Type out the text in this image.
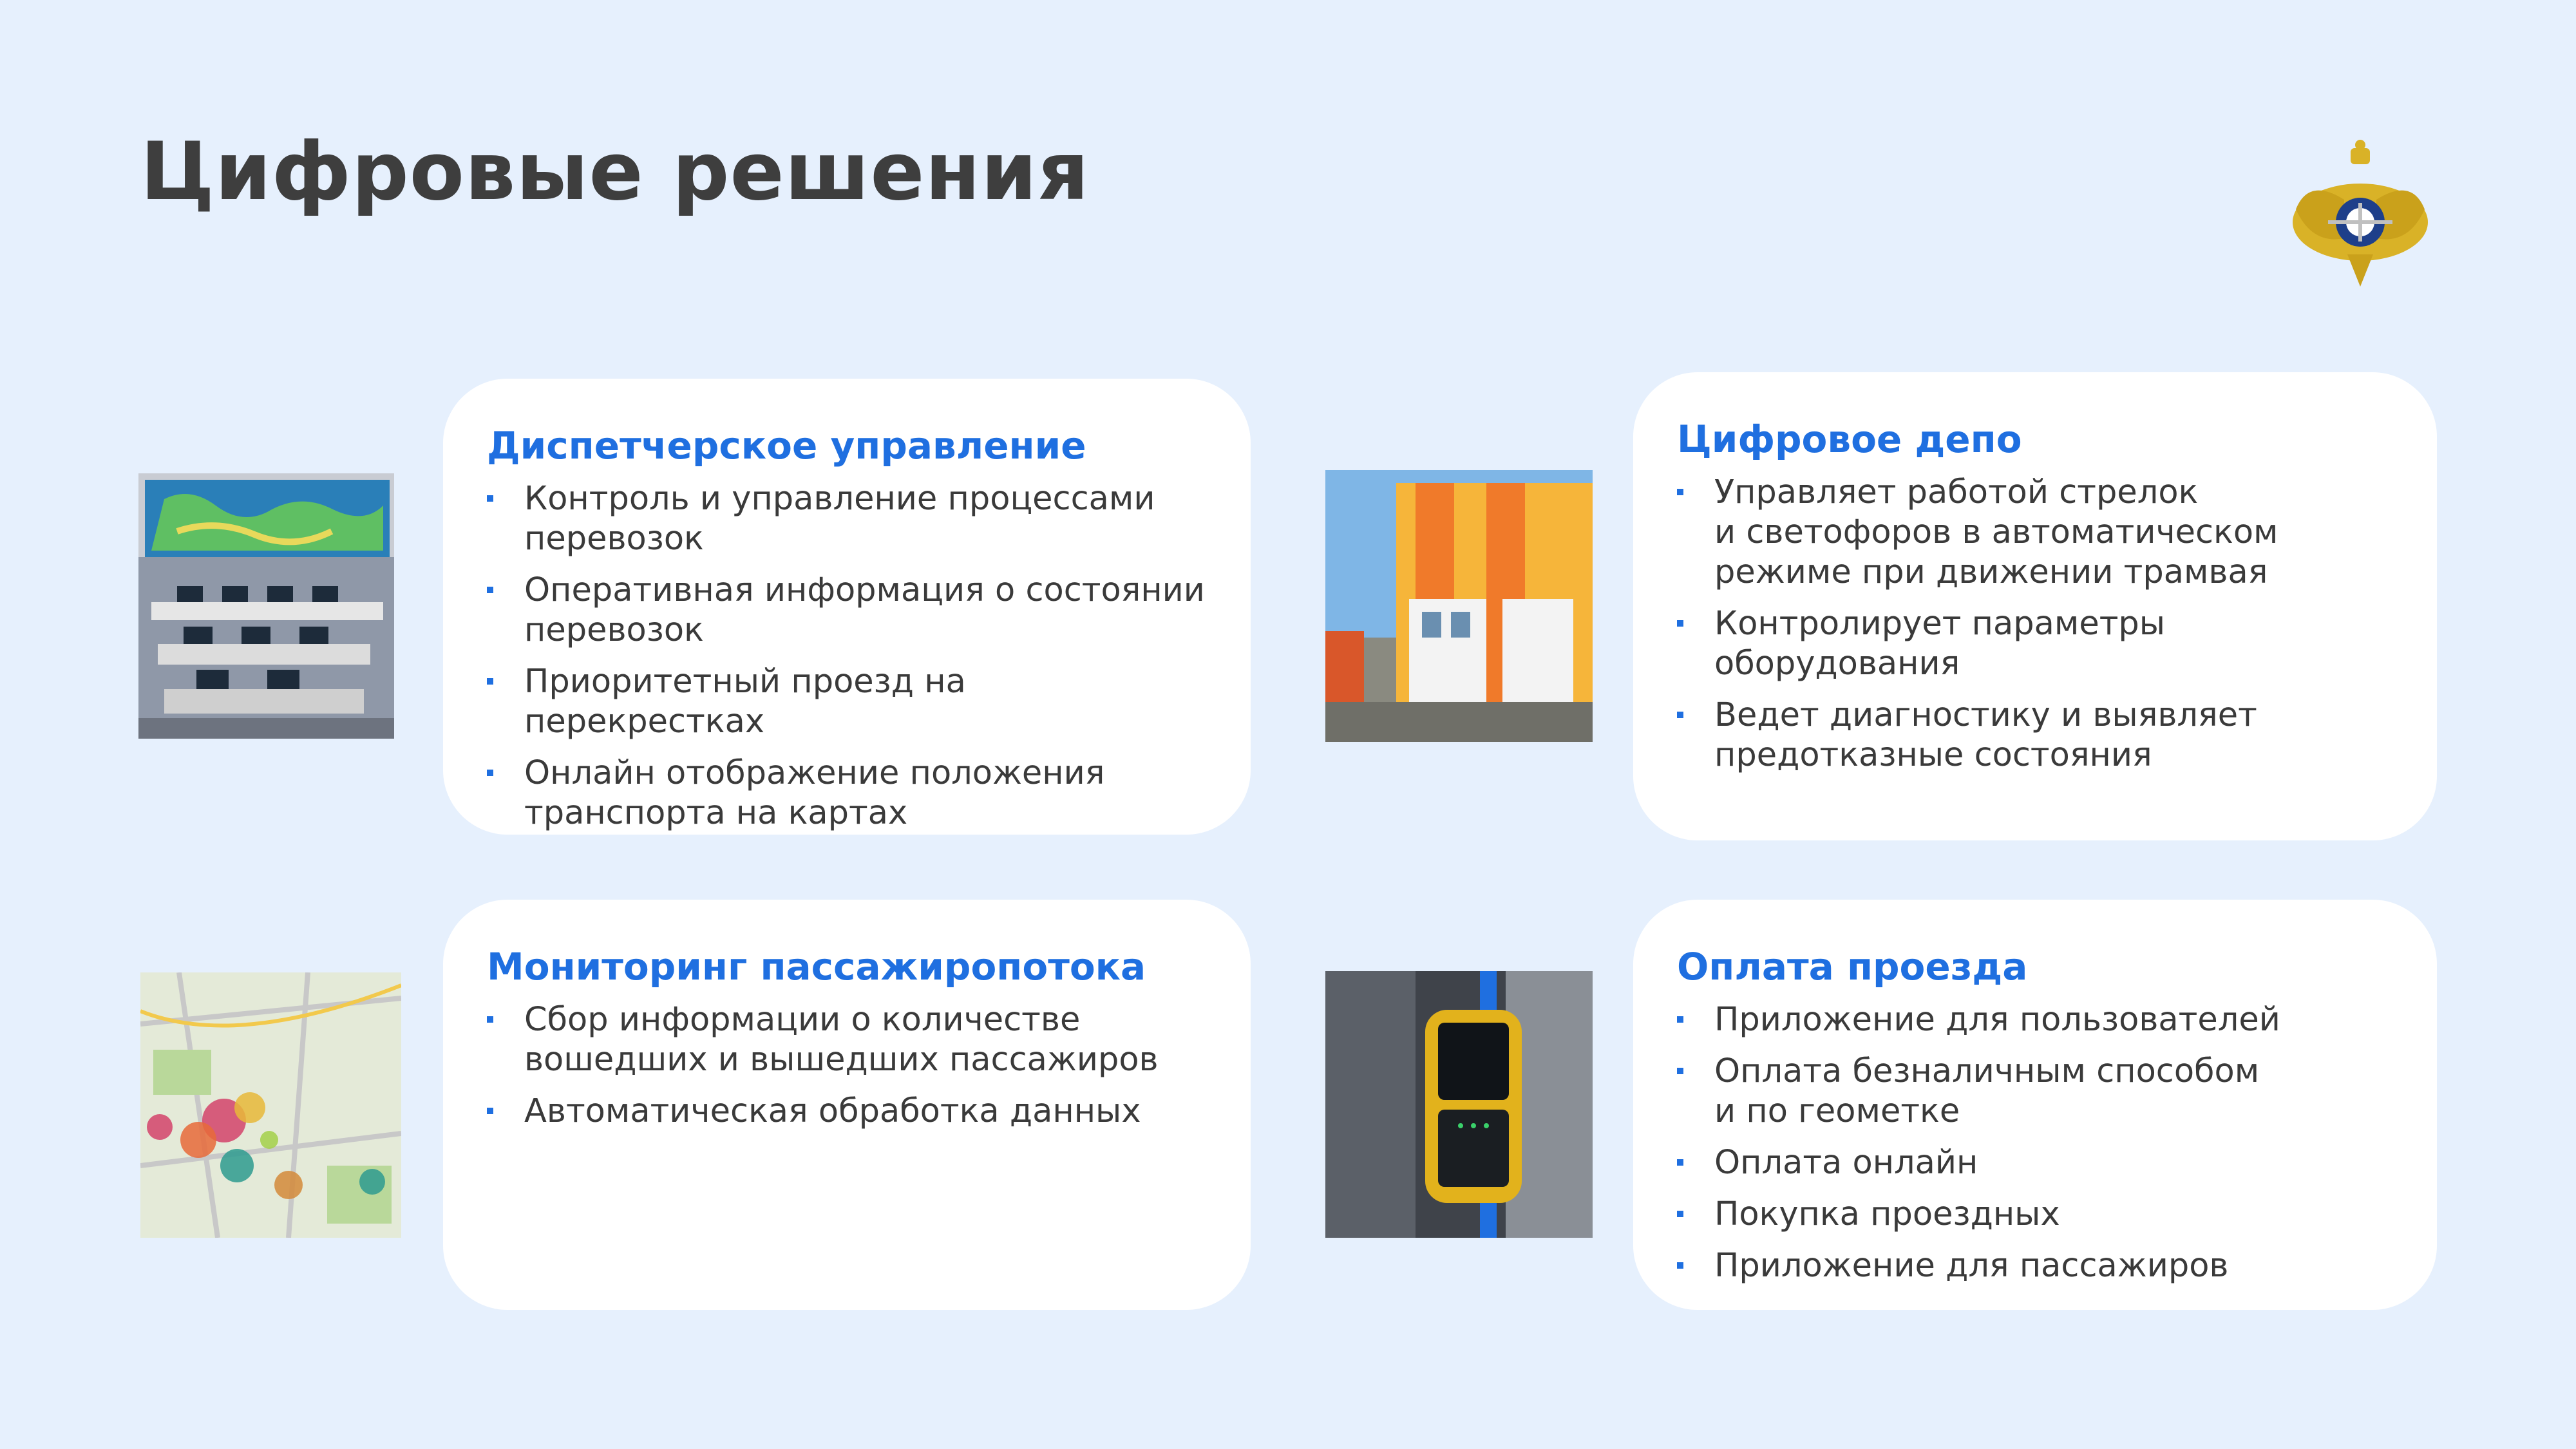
Цифровые решения
Диспетчерское управление
Контроль и управление процессами
перевозок
Оперативная информация о состоянии
перевозок
Приоритетный проезд на перекрестках
Онлайн отображение положения
транспорта на картах
Цифровое депо
Управляет работой стрелок
и светофоров в автоматическом
режиме при движении трамвая
Контролирует параметры
оборудования
Ведет диагностику и выявляет
предотказные состояния
Мониторинг пассажиропотока
Сбор информации о количестве
вошедших и вышедших пассажиров
Автоматическая обработка данных
Оплата проезда
Приложение для пользователей
Оплата безналичным способом
и по геометке
Оплата онлайн
Покупка проездных
Приложение для пассажиров
